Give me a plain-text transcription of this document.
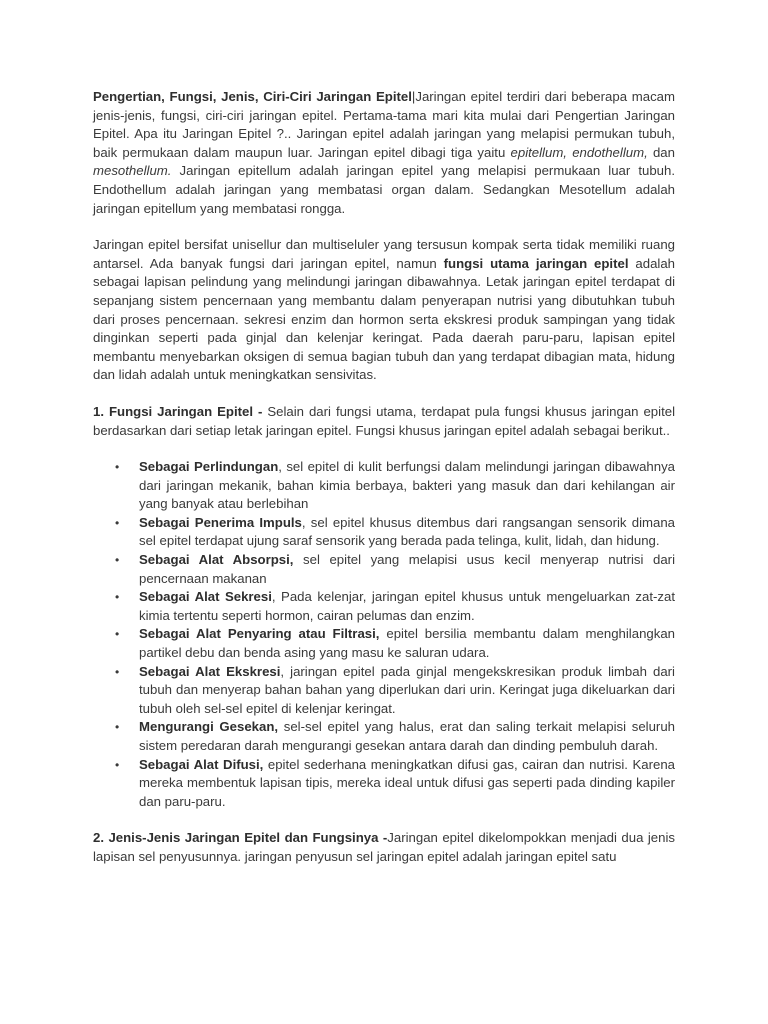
Pengertian, Fungsi, Jenis, Ciri-Ciri Jaringan Epitel|Jaringan epitel terdiri dari beberapa macam jenis-jenis, fungsi, ciri-ciri jaringan epitel. Pertama-tama mari kita mulai dari Pengertian Jaringan Epitel. Apa itu Jaringan Epitel ?.. Jaringan epitel adalah jaringan yang melapisi permukan tubuh, baik permukaan dalam maupun luar. Jaringan epitel dibagi tiga yaitu epitellum, endothellum, dan mesothellum. Jaringan epitellum adalah jaringan epitel yang melapisi permukaan luar tubuh. Endothellum adalah jaringan yang membatasi organ dalam. Sedangkan Mesotellum adalah jaringan epitellum yang membatasi rongga.

Jaringan epitel bersifat unisellur dan multiseluler yang tersusun kompak serta tidak memiliki ruang antarsel. Ada banyak fungsi dari jaringan epitel, namun fungsi utama jaringan epitel adalah sebagai lapisan pelindung yang melindungi jaringan dibawahnya. Letak jaringan epitel terdapat di sepanjang sistem pencernaan yang membantu dalam penyerapan nutrisi yang dibutuhkan tubuh dari proses pencernaan. sekresi enzim dan hormon serta ekskresi produk sampingan yang tidak dinginkan seperti pada ginjal dan kelenjar keringat. Pada daerah paru-paru, lapisan epitel membantu menyebarkan oksigen di semua bagian tubuh dan yang terdapat dibagian mata, hidung dan lidah adalah untuk meningkatkan sensivitas.

1. Fungsi Jaringan Epitel - Selain dari fungsi utama, terdapat pula fungsi khusus jaringan epitel berdasarkan dari setiap letak jaringan epitel. Fungsi khusus jaringan epitel adalah sebagai berikut..

• Sebagai Perlindungan, sel epitel di kulit berfungsi dalam melindungi jaringan dibawahnya dari jaringan mekanik, bahan kimia berbaya, bakteri yang masuk dan dari kehilangan air yang banyak atau berlebihan
• Sebagai Penerima Impuls, sel epitel khusus ditembus dari rangsangan sensorik dimana sel epitel terdapat ujung saraf sensorik yang berada pada telinga, kulit, lidah, dan hidung.
• Sebagai Alat Absorpsi, sel epitel yang melapisi usus kecil menyerap nutrisi dari pencernaan makanan
• Sebagai Alat Sekresi, Pada kelenjar, jaringan epitel khusus untuk mengeluarkan zat-zat kimia tertentu seperti hormon, cairan pelumas dan enzim.
• Sebagai Alat Penyaring atau Filtrasi, epitel bersilia membantu dalam menghilangkan partikel debu dan benda asing yang masu ke saluran udara.
• Sebagai Alat Ekskresi, jaringan epitel pada ginjal mengekskresikan produk limbah dari tubuh dan menyerap bahan bahan yang diperlukan dari urin. Keringat juga dikeluarkan dari tubuh oleh sel-sel epitel di kelenjar keringat.
• Mengurangi Gesekan, sel-sel epitel yang halus, erat dan saling terkait melapisi seluruh sistem peredaran darah mengurangi gesekan antara darah dan dinding pembuluh darah.
• Sebagai Alat Difusi, epitel sederhana meningkatkan difusi gas, cairan dan nutrisi. Karena mereka membentuk lapisan tipis, mereka ideal untuk difusi gas seperti pada dinding kapiler dan paru-paru.

2. Jenis-Jenis Jaringan Epitel dan Fungsinya -Jaringan epitel dikelompokkan menjadi dua jenis lapisan sel penyusunnya. jaringan penyusun sel jaringan epitel adalah jaringan epitel satu
